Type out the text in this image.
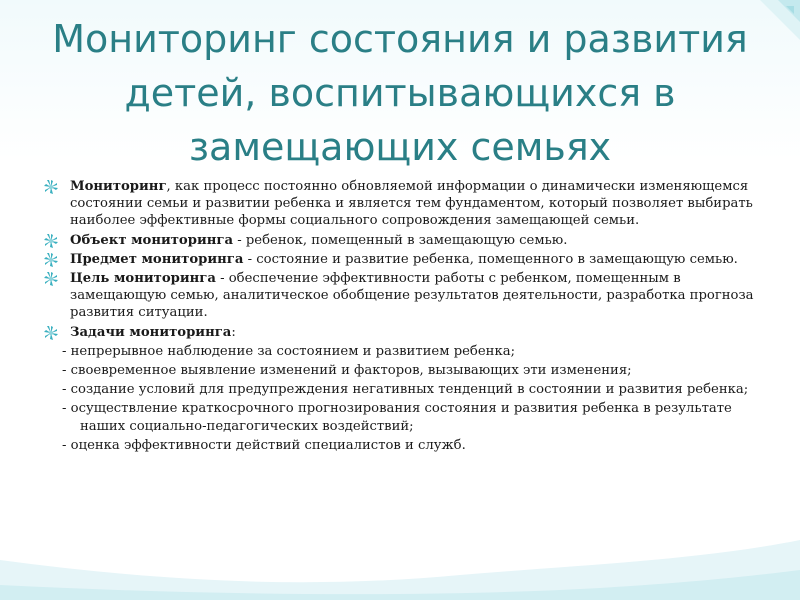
Мониторинг состояния и развития детей, воспитывающихся в замещающих семьях
Мониторинг, как процесс постоянно обновляемой информации о динамически изменяющемся состоянии семьи и развитии ребенка и является тем фундаментом, который позволяет выбирать наиболее эффективные формы социального сопровождения замещающей семьи.
Объект мониторинга - ребенок, помещенный в замещающую семью.
Предмет мониторинга - состояние и развитие ребенка, помещенного в замещающую семью.
Цель мониторинга - обеспечение эффективности работы с ребенком, помещенным в замещающую семью, аналитическое обобщение результатов деятельности, разработка прогноза развития ситуации.
Задачи мониторинга:
- непрерывное наблюдение за состоянием и развитием ребенка;
- своевременное выявление изменений и факторов, вызывающих эти изменения;
- создание условий для предупреждения негативных тенденций в состоянии и развития ребенка;
- осуществление краткосрочного прогнозирования состояния и развития ребенка в результате наших социально-педагогических воздействий;
- оценка эффективности действий специалистов и служб.
